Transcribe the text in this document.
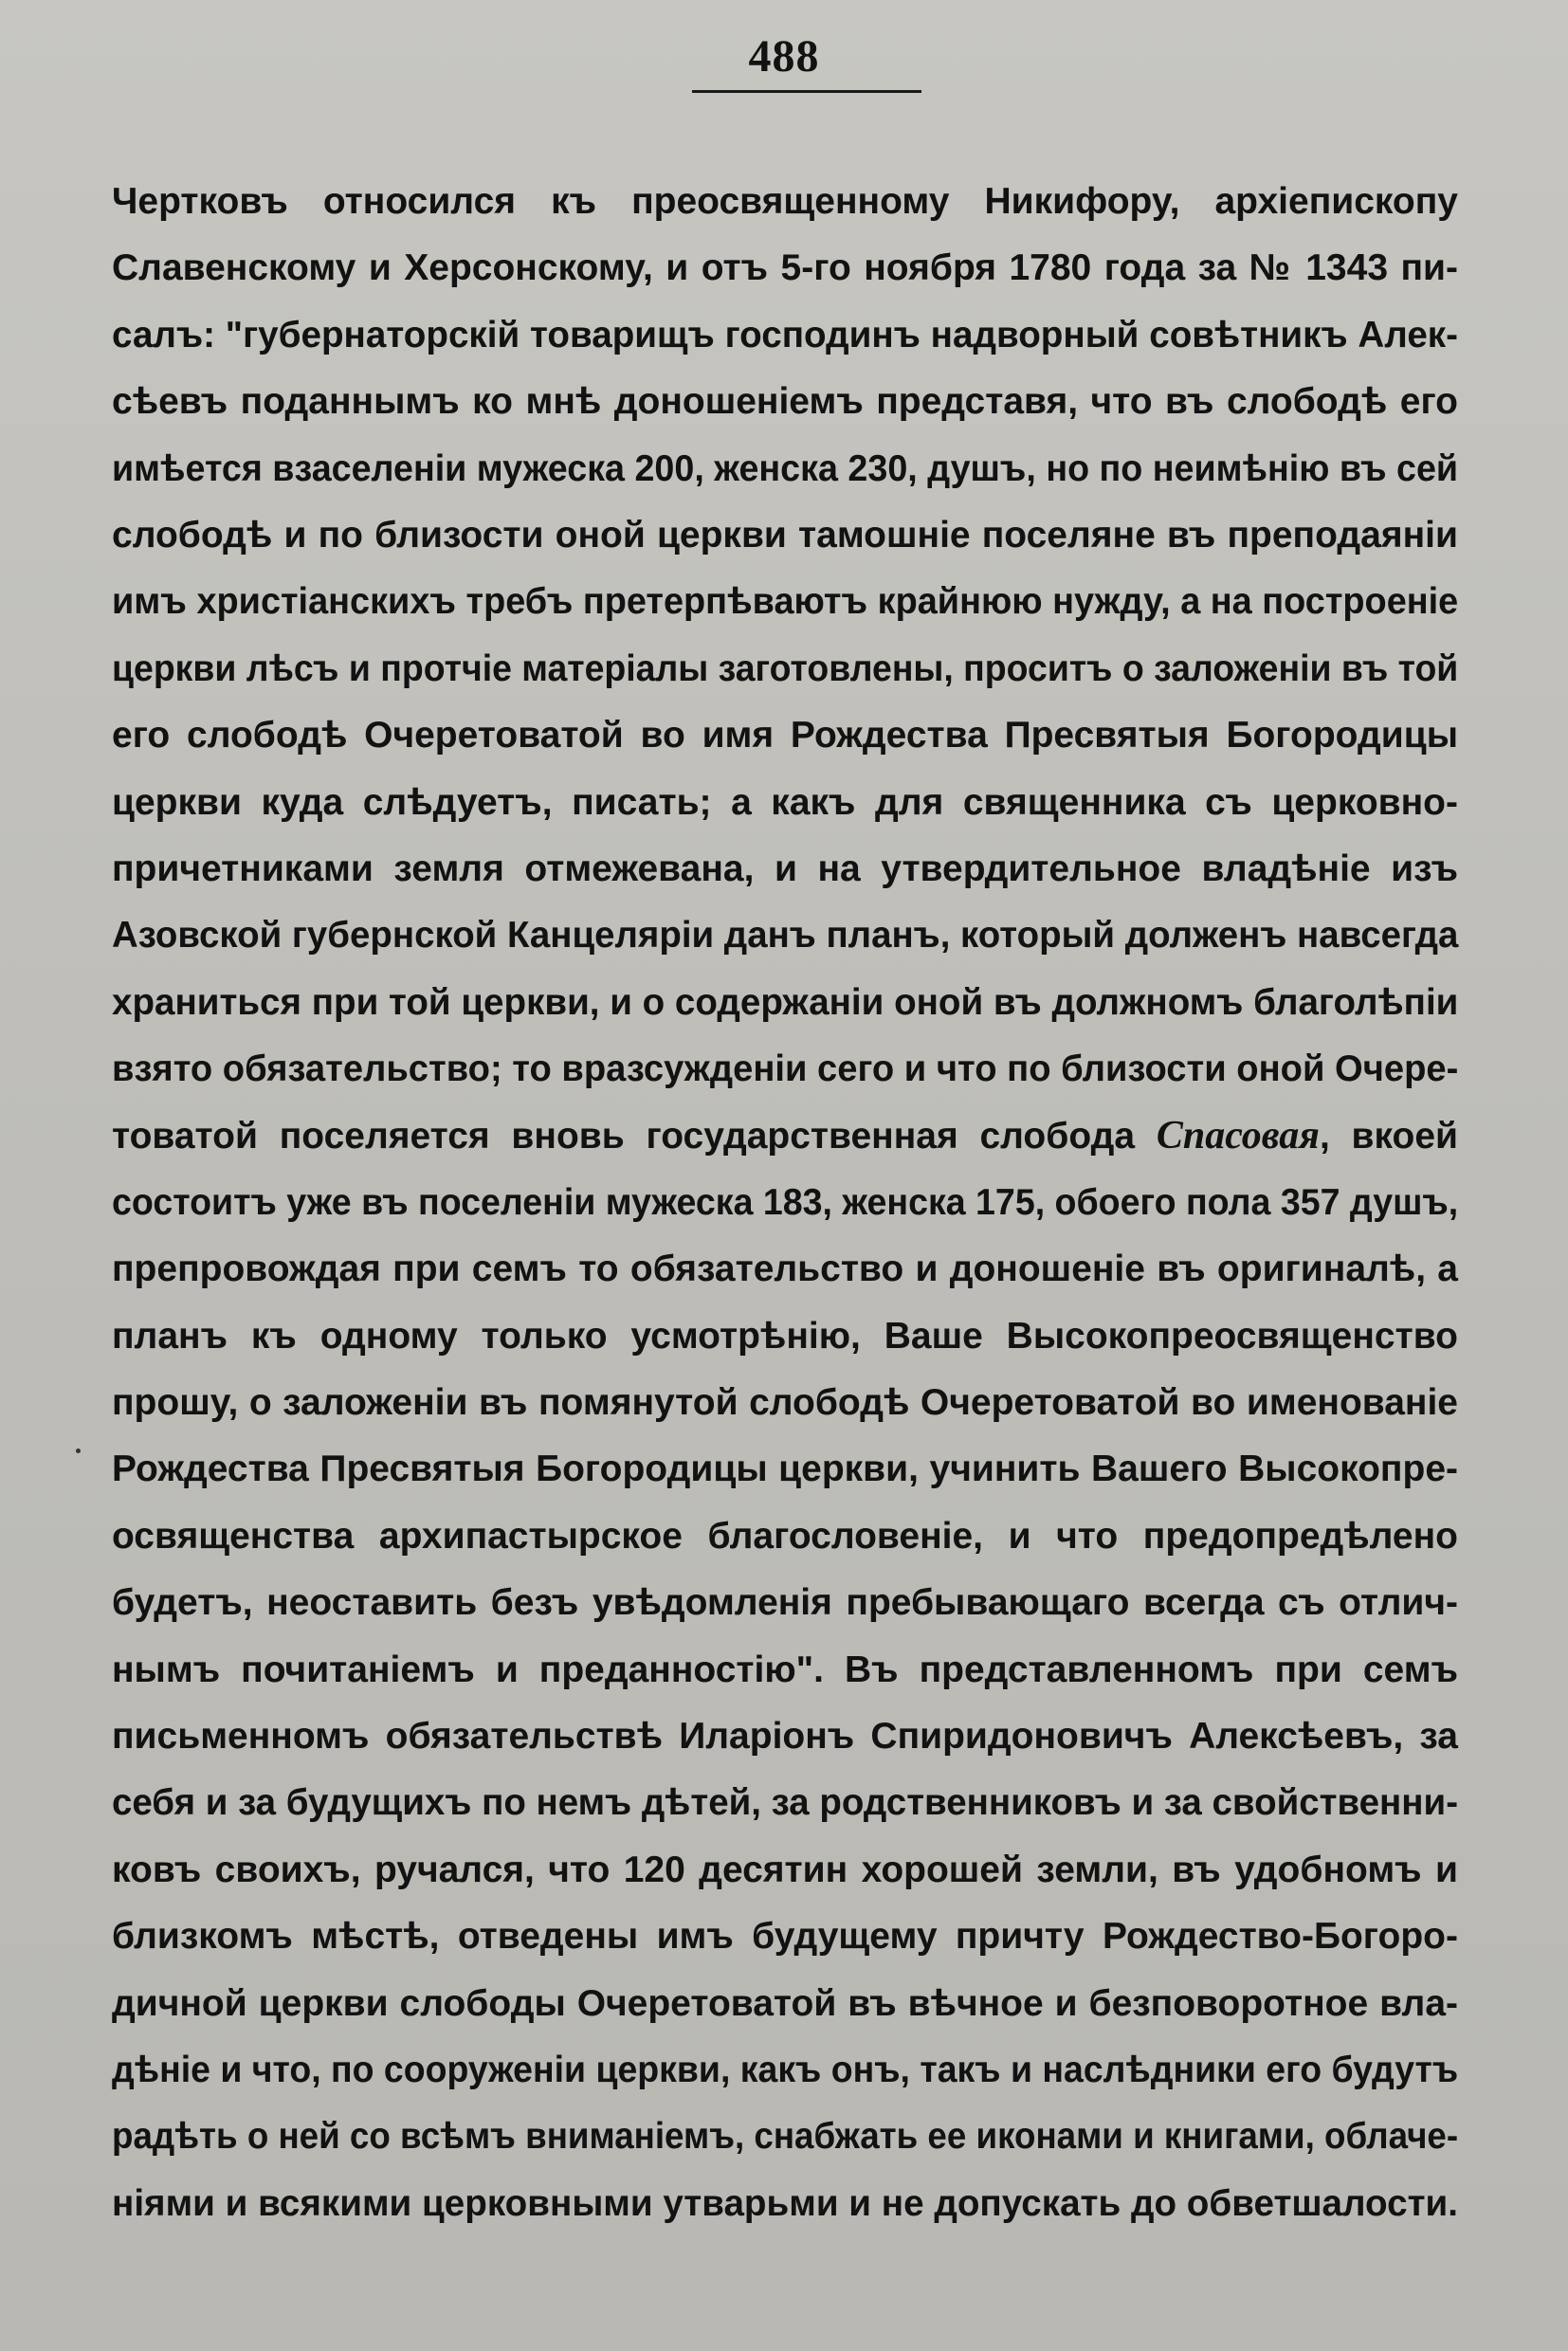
488
Чертковъ относился къ преосвященному Никифору, архіепископу
Славенскому и Херсонскому, и отъ 5-го ноября 1780 года за № 1343 пи-
салъ: "губернаторскій товарищъ господинъ надворный совѣтникъ Алек-
сѣевъ поданнымъ ко мнѣ доношеніемъ представя, что въ слободѣ его
имѣется взаселеніи мужеска 200, женска 230, душъ, но по неимѣнію въ сей
слободѣ и по близости оной церкви тамошніе поселяне въ преподаяніи
имъ христіанскихъ требъ претерпѣваютъ крайнюю нужду, а на построеніе
церкви лѣсъ и протчіе матеріалы заготовлены, проситъ о заложеніи въ той
его слободѣ Очеретоватой во имя Рождества Пресвятыя Богородицы
церкви куда слѣдуетъ, писать; а какъ для священника съ церковно-
причетниками земля отмежевана, и на утвердительное владѣніе изъ
Азовской губернской Канцеляріи данъ планъ, который долженъ навсегда
храниться при той церкви, и о содержаніи оной въ должномъ благолѣпіи
взято обязательство; то вразсужденіи сего и что по близости оной Очере-
товатой поселяется вновь государственная слобода Спасовая, вкоей
состоитъ уже въ поселеніи мужеска 183, женска 175, обоего пола 357 душъ,
препровождая при семъ то обязательство и доношеніе въ оригиналѣ, а
планъ къ одному только усмотрѣнію, Ваше Высокопреосвященство
прошу, о заложеніи въ помянутой слободѣ Очеретоватой во именованіе
Рождества Пресвятыя Богородицы церкви, учинить Вашего Высокопре-
освященства архипастырское благословеніе, и что предопредѣлено
будетъ, неоставить безъ увѣдомленія пребывающаго всегда съ отлич-
нымъ почитаніемъ и преданностію". Въ представленномъ при семъ
письменномъ обязательствѣ Иларіонъ Спиридоновичъ Алексѣевъ, за
себя и за будущихъ по немъ дѣтей, за родственниковъ и за свойственни-
ковъ своихъ, ручался, что 120 десятин хорошей земли, въ удобномъ и
близкомъ мѣстѣ, отведены имъ будущему причту Рождество-Богоро-
дичной церкви слободы Очеретоватой въ вѣчное и безповоротное вла-
дѣніе и что, по сооруженіи церкви, какъ онъ, такъ и наслѣдники его будутъ
радѣть о ней со всѣмъ вниманіемъ, снабжать ее иконами и книгами, облаче-
ніями и всякими церковными утварьми и не допускать до обветшалости.
